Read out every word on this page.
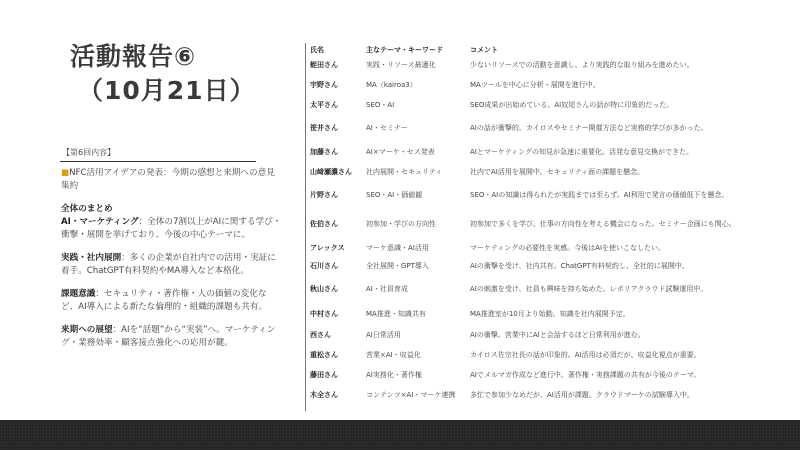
活動報告⑥
（10月21日）
【第6回内容】
■NFC活用アイデアの発表：今期の感想と来期への意見集約
全体のまとめ
AI・マーケティング：全体の7割以上がAIに関する学び・衝撃・展開を挙げており、今後の中心テーマに。
実践・社内展開：多くの企業が自社内での活用・実証に着手。ChatGPT有料契約やMA導入など本格化。
課題意識：セキュリティ・著作権・人の価値の変化など、AI導入による新たな倫理的・組織的課題も共有。
来期への展望：AIを“話題”から“実装”へ。マーケティング・業務効率・顧客接点強化への応用が鍵。
氏名	主なテーマ・キーワード	コメント
蛭田さん	実践・リソース最適化	少ないリソースでの活動を意識し、より実践的な取り組みを進めたい。
宇野さん	MA（kairoa3）	MAツールを中心に分析・展開を進行中。
太平さん	SEO・AI	SEO成果が出始めている。AI奴尾さんの話が特に印象的だった。
笹井さん	AI・セミナー	AIの話が衝撃的。カイロスやセミナー開催方法など実務的学びが多かった。
加藤さん	AI×マーケ・セス発表	AIとマーケティングの知見が急速に重要化。活発な意見交換ができた。
山﨑瀬濃さん	社内展開・セキュリティ	社内でAI活用を展開中。セキュリティ面の課題を懸念。
片野さん	SEO・AI・価値観	SEO・AIの知識は得られたが実践までは至らず。AI利用で発言の価値低下を懸念。
佐伯さん	初参加・学びの方向性	初参加で多くを学び、仕事の方向性を考える機会になった。セミナー企画にも関心。
アレックス	マーケ意識・AI活用	マーケティングの必要性を実感。今後はAIを使いこなしたい。
石川さん	全社展開・GPT導入	AIの衝撃を受け、社内共有。ChatGPT有料契約し、全社的に展開中。
秋山さん	AI・社員育成	AIの刺激を受け、社員も興味を持ち始めた。レポリアクラウド試験運用中。
中村さん	MA推進・知識共有	MA推進室が10月より始動。知識を社内展開予定。
西さん	AI日常活用	AIの衝撃。営業中にAIと会話するほど日常利用が進む。
重松さん	営業×AI・収益化	カイロス佐宗社長の話が印象的。AI活用は必須だが、収益化視点が重要。
藤田さん	AI実務化・著作権	AIでメルマガ作成など進行中。著作権・実務課題の共有が今後のテーマ。
木全さん	コンテンツ×AI・マーケ連携	多忙で参加少なめだが、AI活用が課題。クラウドマーケの試験導入中。
